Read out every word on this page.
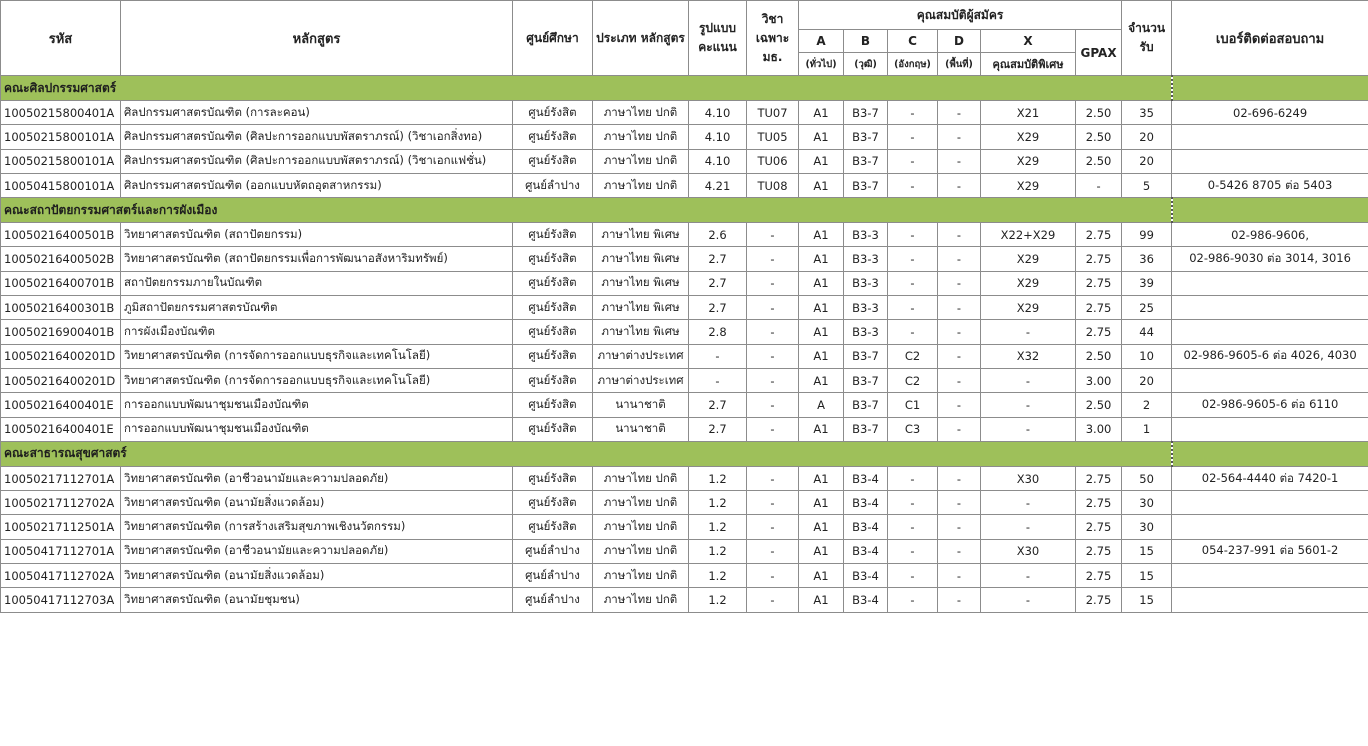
รหัส	หลักสูตร	ศูนย์ศึกษา	ประเภท หลักสูตร	รูปแบบ คะแนน	วิชา เฉพาะ มธ.	คุณสมบัติผู้สมัคร						จำนวน รับ	เบอร์ติดต่อสอบถาม
						A	B	C	D	X	GPAX		
						(ทั่วไป)	(วุฒิ)	(อังกฤษ)	(พื้นที่)	คุณสมบัติพิเศษ			
คณะศิลปกรรมศาสตร์													
10050215800401A	ศิลปกรรมศาสตรบัณฑิต (การละคอน)	ศูนย์รังสิต	ภาษาไทย ปกติ	4.10	TU07	A1	B3-7	-	-	X21	2.50	35	02-696-6249
10050215800101A	ศิลปกรรมศาสตรบัณฑิต (ศิลปะการออกแบบพัสตราภรณ์) (วิชาเอกสิ่งทอ)	ศูนย์รังสิต	ภาษาไทย ปกติ	4.10	TU05	A1	B3-7	-	-	X29	2.50	20	
10050215800101A	ศิลปกรรมศาสตรบัณฑิต (ศิลปะการออกแบบพัสตราภรณ์) (วิชาเอกแฟชั่น)	ศูนย์รังสิต	ภาษาไทย ปกติ	4.10	TU06	A1	B3-7	-	-	X29	2.50	20	
10050415800101A	ศิลปกรรมศาสตรบัณฑิต (ออกแบบหัตถอุตสาหกรรม)	ศูนย์ลำปาง	ภาษาไทย ปกติ	4.21	TU08	A1	B3-7	-	-	X29	-	5	0-5426 8705 ต่อ 5403
คณะสถาปัตยกรรมศาสตร์และการผังเมือง													
10050216400501B	วิทยาศาสตรบัณฑิต (สถาปัตยกรรม)	ศูนย์รังสิต	ภาษาไทย พิเศษ	2.6	-	A1	B3-3	-	-	X22+X29	2.75	99	02-986-9606,
10050216400502B	วิทยาศาสตรบัณฑิต (สถาปัตยกรรมเพื่อการพัฒนาอสังหาริมทรัพย์)	ศูนย์รังสิต	ภาษาไทย พิเศษ	2.7	-	A1	B3-3	-	-	X29	2.75	36	02-986-9030 ต่อ 3014, 3016
10050216400701B	สถาปัตยกรรมภายในบัณฑิต	ศูนย์รังสิต	ภาษาไทย พิเศษ	2.7	-	A1	B3-3	-	-	X29	2.75	39	
10050216400301B	ภูมิสถาปัตยกรรมศาสตรบัณฑิต	ศูนย์รังสิต	ภาษาไทย พิเศษ	2.7	-	A1	B3-3	-	-	X29	2.75	25	
10050216900401B	การผังเมืองบัณฑิต	ศูนย์รังสิต	ภาษาไทย พิเศษ	2.8	-	A1	B3-3	-	-	-	2.75	44	
10050216400201D	วิทยาศาสตรบัณฑิต (การจัดการออกแบบธุรกิจและเทคโนโลยี)	ศูนย์รังสิต	ภาษาต่างประเทศ	-	-	A1	B3-7	C2	-	X32	2.50	10	02-986-9605-6 ต่อ 4026, 4030
10050216400201D	วิทยาศาสตรบัณฑิต (การจัดการออกแบบธุรกิจและเทคโนโลยี)	ศูนย์รังสิต	ภาษาต่างประเทศ	-	-	A1	B3-7	C2	-	-	3.00	20	
10050216400401E	การออกแบบพัฒนาชุมชนเมืองบัณฑิต	ศูนย์รังสิต	นานาชาติ	2.7	-	A	B3-7	C1	-	-	2.50	2	02-986-9605-6 ต่อ 6110
10050216400401E	การออกแบบพัฒนาชุมชนเมืองบัณฑิต	ศูนย์รังสิต	นานาชาติ	2.7	-	A1	B3-7	C3	-	-	3.00	1	
คณะสาธารณสุขศาสตร์													
10050217112701A	วิทยาศาสตรบัณฑิต (อาชีวอนามัยและความปลอดภัย)	ศูนย์รังสิต	ภาษาไทย ปกติ	1.2	-	A1	B3-4	-	-	X30	2.75	50	02-564-4440 ต่อ 7420-1
10050217112702A	วิทยาศาสตรบัณฑิต (อนามัยสิ่งแวดล้อม)	ศูนย์รังสิต	ภาษาไทย ปกติ	1.2	-	A1	B3-4	-	-	-	2.75	30	
10050217112501A	วิทยาศาสตรบัณฑิต (การสร้างเสริมสุขภาพเชิงนวัตกรรม)	ศูนย์รังสิต	ภาษาไทย ปกติ	1.2	-	A1	B3-4	-	-	-	2.75	30	
10050417112701A	วิทยาศาสตรบัณฑิต (อาชีวอนามัยและความปลอดภัย)	ศูนย์ลำปาง	ภาษาไทย ปกติ	1.2	-	A1	B3-4	-	-	X30	2.75	15	054-237-991 ต่อ 5601-2
10050417112702A	วิทยาศาสตรบัณฑิต (อนามัยสิ่งแวดล้อม)	ศูนย์ลำปาง	ภาษาไทย ปกติ	1.2	-	A1	B3-4	-	-	-	2.75	15	
10050417112703A	วิทยาศาสตรบัณฑิต (อนามัยชุมชน)	ศูนย์ลำปาง	ภาษาไทย ปกติ	1.2	-	A1	B3-4	-	-	-	2.75	15	
